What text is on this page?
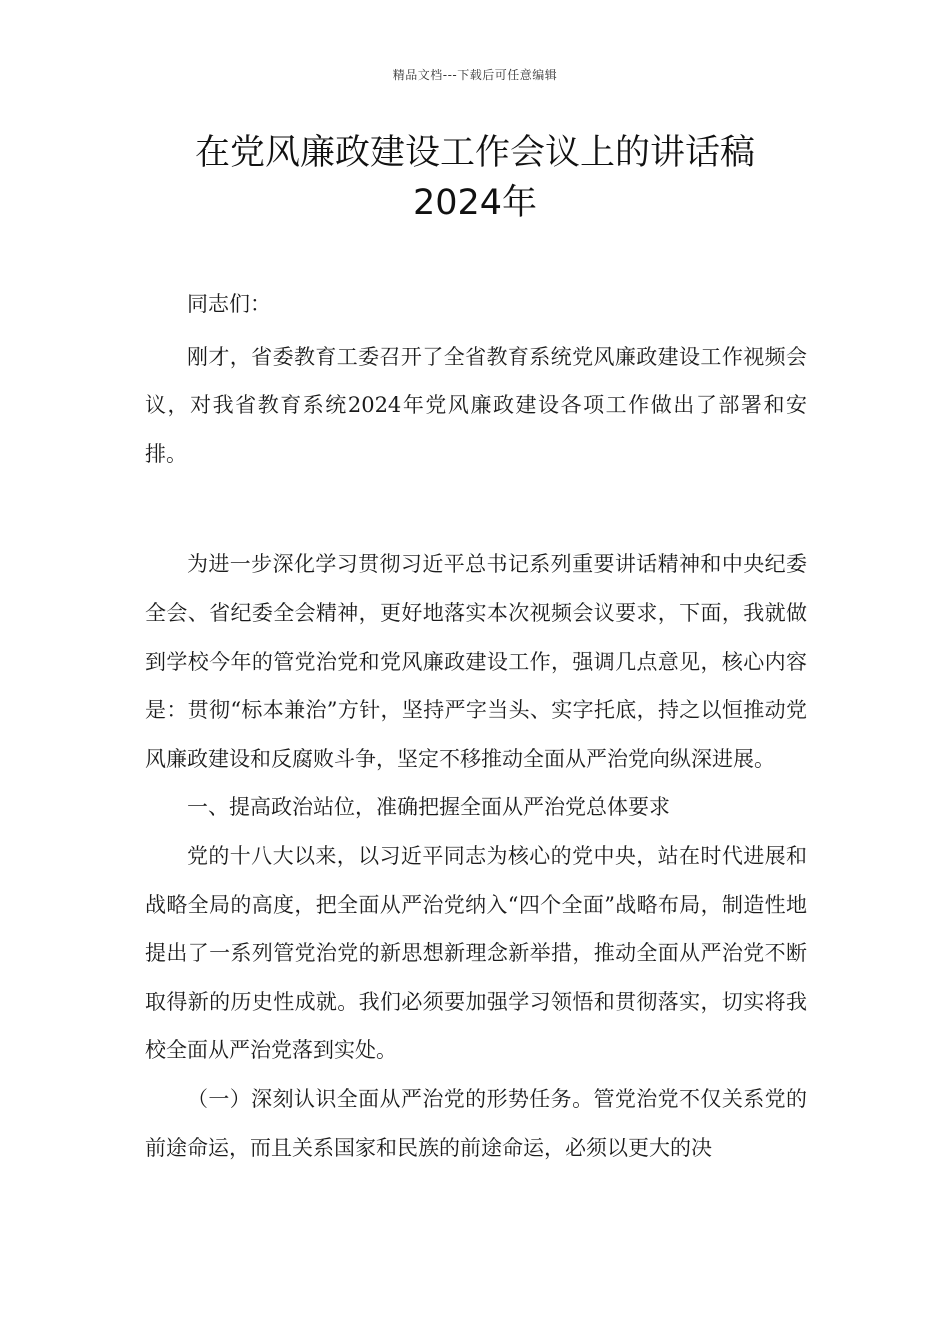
精品文档---下载后可任意编辑
在党风廉政建设工作会议上的讲话稿
2024年

同志们：

刚才，省委教育工委召开了全省教育系统党风廉政建设工作视频会议，对我省教育系统2024年党风廉政建设各项工作做出了部署和安排。

为进一步深化学习贯彻习近平总书记系列重要讲话精神和中央纪委全会、省纪委全会精神，更好地落实本次视频会议要求，下面，我就做到学校今年的管党治党和党风廉政建设工作，强调几点意见，核心内容是：贯彻“标本兼治”方针，坚持严字当头、实字托底，持之以恒推动党风廉政建设和反腐败斗争，坚定不移推动全面从严治党向纵深进展。

一、提高政治站位，准确把握全面从严治党总体要求

党的十八大以来，以习近平同志为核心的党中央，站在时代进展和战略全局的高度，把全面从严治党纳入“四个全面”战略布局，制造性地提出了一系列管党治党的新思想新理念新举措，推动全面从严治党不断取得新的历史性成就。我们必须要加强学习领悟和贯彻落实，切实将我校全面从严治党落到实处。

（一）深刻认识全面从严治党的形势任务。管党治党不仅关系党的前途命运，而且关系国家和民族的前途命运，必须以更大的决
